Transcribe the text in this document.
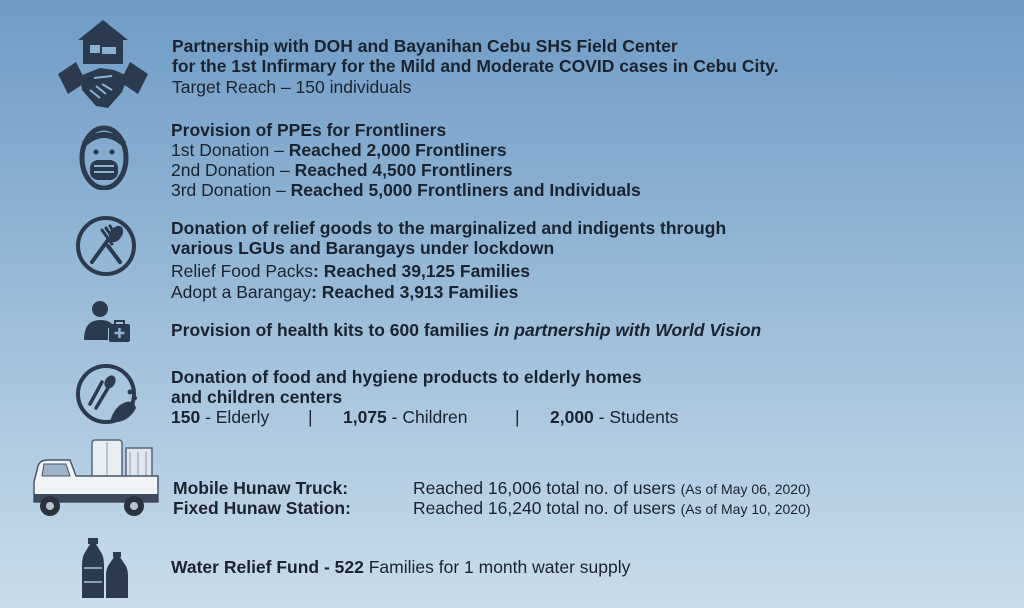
Partnership with DOH and Bayanihan Cebu SHS Field Center
for the 1st Infirmary for the Mild and Moderate COVID cases in Cebu City.
Target Reach – 150 individuals
Provision of PPEs for Frontliners
1st Donation – Reached 2,000 Frontliners
2nd Donation – Reached 4,500 Frontliners
3rd Donation – Reached 5,000 Frontliners and Individuals
Donation of relief goods to the marginalized and indigents through
various LGUs and Barangays under lockdown
Relief Food Packs: Reached 39,125 Families
Adopt a Barangay: Reached 3,913 Families
Provision of health kits to 600 families in partnership with World Vision
Donation of food and hygiene products to elderly homes
and children centers
150 - Elderly | 1,075 - Children	| 2,000 - Students
Mobile Hunaw Truck:	Reached 16,006 total no. of users (As of May 06, 2020)
Fixed Hunaw Station:	Reached 16,240 total no. of users (As of May 10, 2020)
Water Relief Fund - 522 Families for 1 month water supply
